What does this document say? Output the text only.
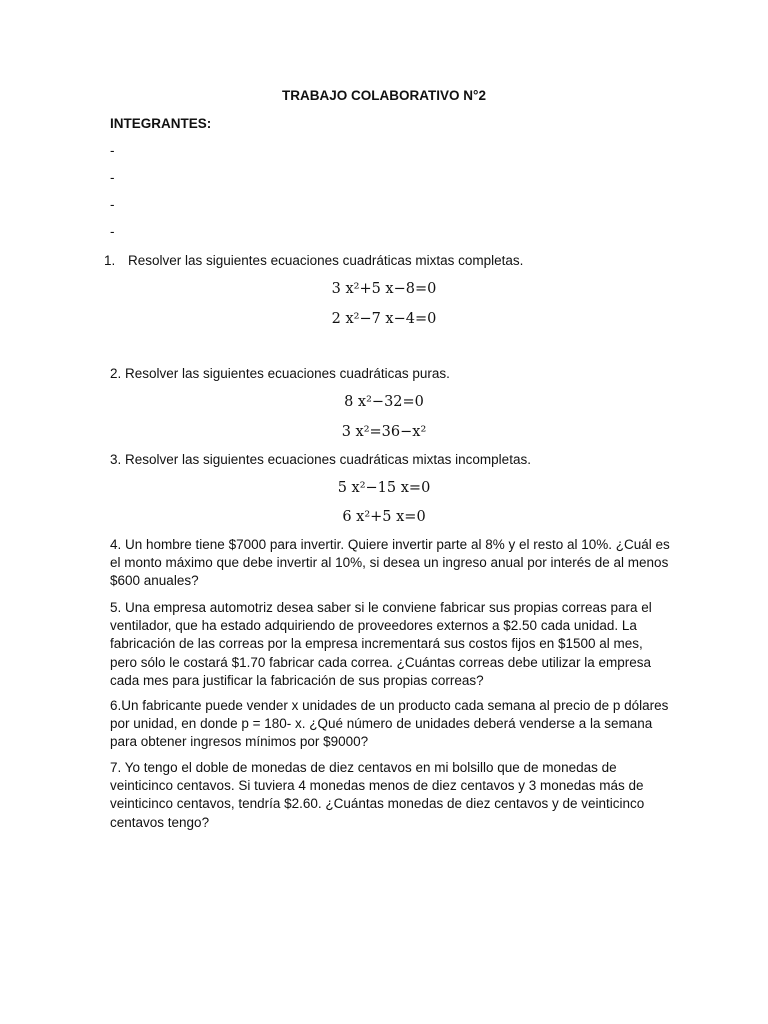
TRABAJO COLABORATIVO N°2
INTEGRANTES:
-
-
-
-
1. Resolver las siguientes ecuaciones cuadráticas mixtas completas.
3 x²+5 x−8=0
2 x²−7 x−4=0
2. Resolver las siguientes ecuaciones cuadráticas puras.
8 x²−32=0
3 x²=36−x²
3. Resolver las siguientes ecuaciones cuadráticas mixtas incompletas.
5 x²−15 x=0
6 x²+5 x=0
4. Un hombre tiene $7000 para invertir. Quiere invertir parte al 8% y el resto al 10%. ¿Cuál es el monto máximo que debe invertir al 10%, si desea un ingreso anual por interés de al menos $600 anuales?
5. Una empresa automotriz desea saber si le conviene fabricar sus propias correas para el ventilador, que ha estado adquiriendo de proveedores externos a $2.50 cada unidad. La fabricación de las correas por la empresa incrementará sus costos fijos en $1500 al mes, pero sólo le costará $1.70 fabricar cada correa. ¿Cuántas correas debe utilizar la empresa cada mes para justificar la fabricación de sus propias correas?
6.Un fabricante puede vender x unidades de un producto cada semana al precio de p dólares por unidad, en donde p = 180- x. ¿Qué número de unidades deberá venderse a la semana para obtener ingresos mínimos por $9000?
7. Yo tengo el doble de monedas de diez centavos en mi bolsillo que de monedas de veinticinco centavos. Si tuviera 4 monedas menos de diez centavos y 3 monedas más de veinticinco centavos, tendría $2.60. ¿Cuántas monedas de diez centavos y de veinticinco centavos tengo?
